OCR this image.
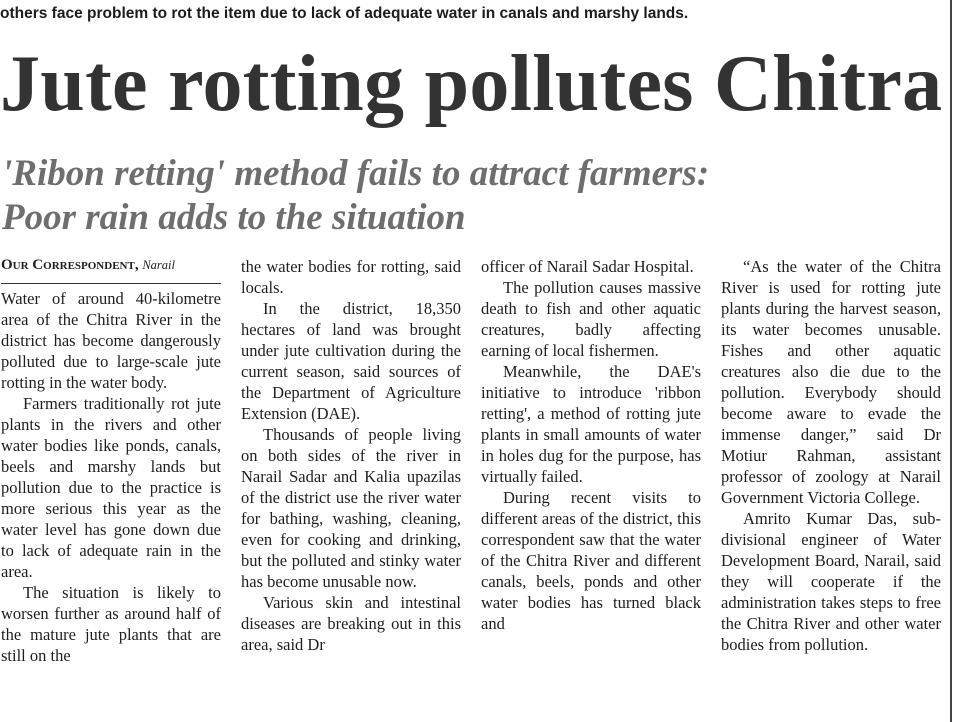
others face problem to rot the item due to lack of adequate water in canals and marshy lands.
Jute rotting pollutes Chitra
'Ribon retting' method fails to attract farmers:
Poor rain adds to the situation
Our Correspondent, Narail

Water of around 40-kilometre area of the Chitra River in the district has become dangerously polluted due to large-scale jute rotting in the water body.

Farmers traditionally rot jute plants in the rivers and other water bodies like ponds, canals, beels and marshy lands but pollution due to the practice is more serious this year as the water level has gone down due to lack of adequate rain in the area.

The situation is likely to worsen further as around half of the mature jute plants that are still on the

the water bodies for rotting, said locals.

In the district, 18,350 hectares of land was brought under jute cultivation during the current season, said sources of the Department of Agriculture Extension (DAE).

Thousands of people living on both sides of the river in Narail Sadar and Kalia upazilas of the district use the river water for bathing, washing, cleaning, even for cooking and drinking, but the polluted and stinky water has become unusable now.

Various skin and intestinal diseases are breaking out in this area, said Dr

officer of Narail Sadar Hospital.

The pollution causes massive death to fish and other aquatic creatures, badly affecting earning of local fishermen.

Meanwhile, the DAE's initiative to introduce 'ribbon retting', a method of rotting jute plants in small amounts of water in holes dug for the purpose, has virtually failed.

During recent visits to different areas of the district, this correspondent saw that the water of the Chitra River and different canals, beels, ponds and other water bodies has turned black and

“As the water of the Chitra River is used for rotting jute plants during the harvest season, its water becomes unusable. Fishes and other aquatic creatures also die due to the pollution. Everybody should become aware to evade the immense danger,” said Dr Motiur Rahman, assistant professor of zoology at Narail Government Victoria College.

Amrito Kumar Das, sub-divisional engineer of Water Development Board, Narail, said they will cooperate if the administration takes steps to free the Chitra River and other water bodies from pollution.
